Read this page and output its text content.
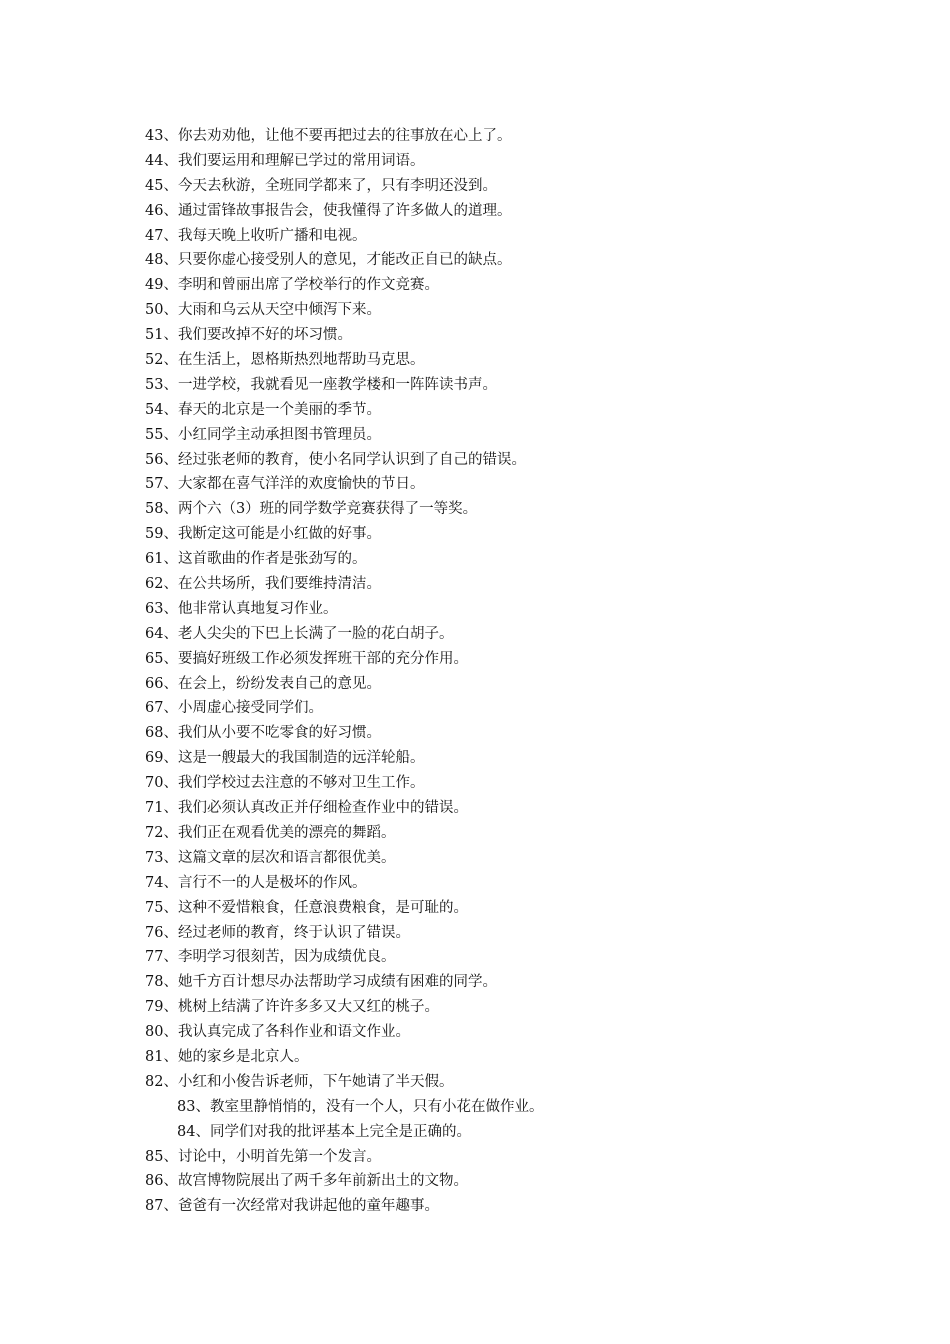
43、你去劝劝他，让他不要再把过去的往事放在心上了。
44、我们要运用和理解已学过的常用词语。
45、今天去秋游，全班同学都来了，只有李明还没到。
46、通过雷锋故事报告会，使我懂得了许多做人的道理。
47、我每天晚上收听广播和电视。
48、只要你虚心接受别人的意见，才能改正自已的缺点。
49、李明和曾丽出席了学校举行的作文竞赛。
50、大雨和乌云从天空中倾泻下来。
51、我们要改掉不好的坏习惯。
52、在生活上，恩格斯热烈地帮助马克思。
53、一进学校，我就看见一座教学楼和一阵阵读书声。
54、春天的北京是一个美丽的季节。
55、小红同学主动承担图书管理员。
56、经过张老师的教育，使小名同学认识到了自己的错误。
57、大家都在喜气洋洋的欢度愉快的节日。
58、两个六（3）班的同学数学竞赛获得了一等奖。
59、我断定这可能是小红做的好事。
61、这首歌曲的作者是张劲写的。
62、在公共场所，我们要维持清洁。
63、他非常认真地复习作业。
64、老人尖尖的下巴上长满了一脸的花白胡子。
65、要搞好班级工作必须发挥班干部的充分作用。
66、在会上，纷纷发表自己的意见。
67、小周虚心接受同学们。
68、我们从小要不吃零食的好习惯。
69、这是一艘最大的我国制造的远洋轮船。
70、我们学校过去注意的不够对卫生工作。
71、我们必须认真改正并仔细检查作业中的错误。
72、我们正在观看优美的漂亮的舞蹈。
73、这篇文章的层次和语言都很优美。
74、言行不一的人是极坏的作风。
75、这种不爱惜粮食，任意浪费粮食，是可耻的。
76、经过老师的教育，终于认识了错误。
77、李明学习很刻苦，因为成绩优良。
78、她千方百计想尽办法帮助学习成绩有困难的同学。
79、桃树上结满了许许多多又大又红的桃子。
80、我认真完成了各科作业和语文作业。
81、她的家乡是北京人。
82、小红和小俊告诉老师，下午她请了半天假。
83、教室里静悄悄的，没有一个人，只有小花在做作业。
84、同学们对我的批评基本上完全是正确的。
85、讨论中，小明首先第一个发言。
86、故宫博物院展出了两千多年前新出土的文物。
87、爸爸有一次经常对我讲起他的童年趣事。
